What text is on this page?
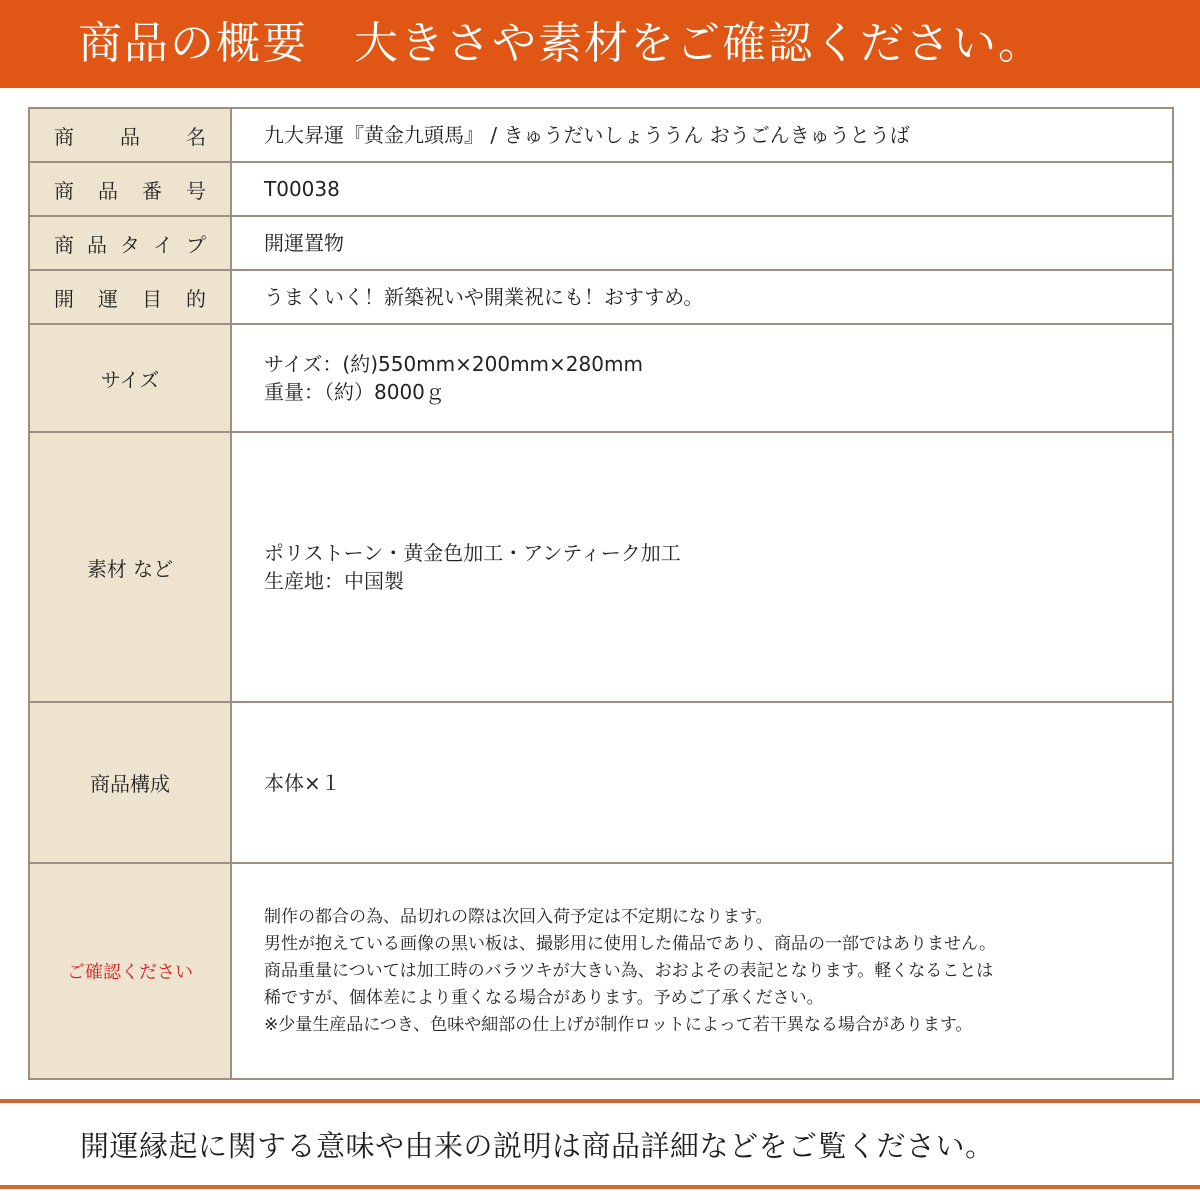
商品の概要　大きさや素材をご確認ください。
商 品 名	九大昇運『黄金九頭馬』 / きゅうだいしょううん おうごんきゅうとうば

商 品 番 号	T00038

商 品 タ イ プ	開運置物

開 運 目 的	うまくいく！新築祝いや開業祝にも！おすすめ。

サイズ	サイズ：(約)550mm×200mm×280mm
重量：（約）8000ｇ

素材 など	ポリストーン・黄金色加工・アンティーク加工
生産地：中国製

商品構成	本体×１

ご確認ください	制作の都合の為、品切れの際は次回入荷予定は不定期になります。
男性が抱えている画像の黒い板は、撮影用に使用した備品であり、商品の一部ではありません。
商品重量については加工時のバラツキが大きい為、おおよその表記となります。軽くなることは
稀ですが、個体差により重くなる場合があります。予めご了承ください。
※少量生産品につき、色味や細部の仕上げが制作ロットによって若干異なる場合があります。
開運縁起に関する意味や由来の説明は商品詳細などをご覧ください。
